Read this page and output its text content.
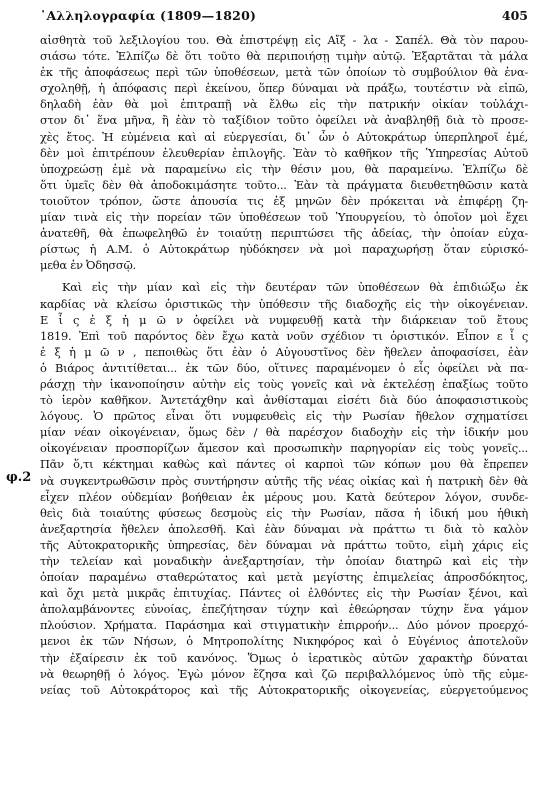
᾿Αλληλογραφία (1809—1820)	405
φ.2
αἰσθητὰ τοῦ λεξιλογίου του. Θὰ ἐπιστρέψῃ εἰς Αἴξ - λα - Σαπέλ. Θὰ τὸν παρου-
σιάσω τότε. Ἐλπίζω δὲ ὅτι τοῦτο θὰ περιποιήσῃ τιμὴν αὐτῷ. Ἐξαρτᾶται τὰ μάλα
ἐκ τῆς ἀποφάσεως περὶ τῶν ὑποθέσεων, μετὰ τῶν ὁποίων τὸ συμβούλιον θὰ ἐνα-
σχοληθῇ, ἡ ἀπόφασις περὶ ἐκείνου, ὅπερ δύναμαι νὰ πράξω, τουτέστιν νὰ εἰπῶ,
δηλαδὴ ἐὰν θὰ μοὶ ἐπιτραπῇ νὰ ἔλθω εἰς τὴν πατρικήν οἰκίαν τοὐλάχι-
στον δι᾿ ἕνα μῆνα, ἢ ἐὰν τὸ ταξίδιον τοῦτο ὀφείλει νὰ ἀναβληθῇ διὰ τὸ προσε-
χὲς ἔτος. Ἡ εὐμένεια καὶ αἱ εὐεργεσίαι, δι᾿ ὧν ὁ Αὐτοκράτωρ ὑπερπληροῖ ἐμέ,
δὲν μοὶ ἐπιτρέπουν ἐλευθερίαν ἐπιλογῆς. Ἐὰν τὸ καθῆκον τῆς Ὑπηρεσίας Αὐτοῦ
ὑποχρεώσῃ ἐμὲ νὰ παραμείνω εἰς τὴν θέσιν μου, θὰ παραμείνω. Ἐλπίζω δὲ
ὅτι ὑμεῖς δὲν θὰ ἀποδοκιμάσητε τοῦτο... Ἐὰν τὰ πράγματα διευθετηθῶσιν κατὰ
τοιοῦτον τρόπον, ὥστε ἀπουσία τις ἐξ μηνῶν δὲν πρόκειται νὰ ἐπιφέρῃ ζη-
μίαν τινὰ εἰς τὴν πορείαν τῶν ὑποθέσεων τοῦ Ὑπουργείου, τὸ ὁποῖον μοὶ ἔχει
ἀνατεθῆ, θὰ ἐπωφεληθῶ ἐν τοιαύτῃ περιπτώσει τῆς ἀδείας, τὴν ὁποίαν εὐχα-
ρίστως ἡ Α.Μ. ὁ Αὐτοκράτωρ ηὐδόκησεν νὰ μοὶ παραχωρήσῃ ὅταν εὑρισκό-
μεθα ἐν Ὀδησσῷ.
Καὶ εἰς τὴν μίαν καὶ εἰς τὴν δευτέραν τῶν ὑποθέσεων θὰ ἐπιδιώξω ἐκ
καρδίας νὰ κλείσω ὁριστικῶς τὴν ὑπόθεσιν τῆς διαδοχῆς εἰς τὴν οἰκογένειαν.
Ε ἷ ς ἐ ξ ἡ μ ῶ ν ὀφείλει νὰ νυμφευθῇ κατὰ τὴν διάρκειαν τοῦ ἔτους
1819. Ἐπὶ τοῦ παρόντος δὲν ἔχω κατὰ νοῦν σχέδιον τι ὁριστικόν. Εἶπον ε ἷ ς
ἐ ξ ἡ μ ῶ ν , πεποιθὼς ὅτι ἐὰν ὁ Αὐγουστῖνος δὲν ἤθελεν ἀποφασίσει, ἐὰν
ὁ Βιάρος ἀντιτίθεται... ἐκ τῶν δύο, οἵτινες παραμένομεν ὁ εἷς ὀφείλει νὰ πα-
ράσχῃ τὴν ἱκανοποίησιν αὐτὴν εἰς τοὺς γονεῖς καὶ νὰ ἐκτελέσῃ ἐπαξίως τοῦτο
τὸ ἱερὸν καθῆκον. Ἀντετάχθην καὶ ἀνθίσταμαι εἰσέτι διὰ δύο ἀποφασιστικοὺς
λόγους. Ὁ πρῶτος εἶναι ὅτι νυμφευθεὶς εἰς τὴν Ρωσίαν ἤθελον σχηματίσει
μίαν νέαν οἰκογένειαν, ὅμως δὲν / θὰ παρέσχον διαδοχὴν εἰς τὴν ἰδικήν μου
οἰκογένειαν προσπορίζων ἄμεσον καὶ προσωπικὴν παρηγορίαν εἰς τοὺς γονεῖς...
Πᾶν ὅ,τι κέκτημαι καθὼς καὶ πάντες οἱ καρποὶ τῶν κόπων μου θὰ ἔπρεπεν
νὰ συγκεντρωθῶσιν πρὸς συντήρησιν αὐτῆς τῆς νέας οἰκίας καὶ ἡ πατρικὴ δὲν θὰ
εἶχεν πλέον οὐδεμίαν βοήθειαν ἐκ μέρους μου. Κατὰ δεύτερον λόγον, συνδε-
θεὶς διὰ τοιαύτης φύσεως δεσμοὺς εἰς τὴν Ρωσίαν, πᾶσα ἡ ἰδική μου ἠθικὴ
ἀνεξαρτησία ἤθελεν ἀπολεσθῆ. Καὶ ἐὰν δύναμαι νὰ πράττω τι διὰ τὸ καλὸν
τῆς Αὐτοκρατορικῆς ὑπηρεσίας, δὲν δύναμαι νὰ πράττω τοῦτο, εἰμὴ χάρις εἰς
τὴν τελείαν καὶ μοναδικὴν ἀνεξαρτησίαν, τὴν ὁποίαν διατηρῶ καὶ εἰς τὴν
ὁποίαν παραμένω σταθερώτατος καὶ μετὰ μεγίστης ἐπιμελείας ἀπροσδόκητος,
καὶ ὄχι μετὰ μικρᾶς ἐπιτυχίας. Πάντες οἱ ἐλθόντες εἰς τὴν Ρωσίαν ξένοι, καὶ
ἀπολαμβάνοντες εὐνοίας, ἐπεζήτησαν τύχην καὶ ἐθεώρησαν τύχην ἕνα γάμον
πλούσιον. Χρήματα. Παράσημα καὶ στιγματικὴν ἐπιρροήν... Δύο μόνον προερχό-
μενοι ἐκ τῶν Νήσων, ὁ Μητροπολίτης Νικηφόρος καὶ ὁ Εὐγένιος ἀποτελοῦν
τὴν ἐξαίρεσιν ἐκ τοῦ κανόνος. Ὅμως ὁ ἱερατικὸς αὐτῶν χαρακτὴρ δύναται
νὰ θεωρηθῇ ὁ λόγος. Ἐγὼ μόνον ἔζησα καὶ ζῶ περιβαλλόμενος ὑπὸ τῆς εὐμε-
νείας τοῦ Αὐτοκράτορος καὶ τῆς Αὐτοκρατορικῆς οἰκογενείας, εὐεργετούμενος
